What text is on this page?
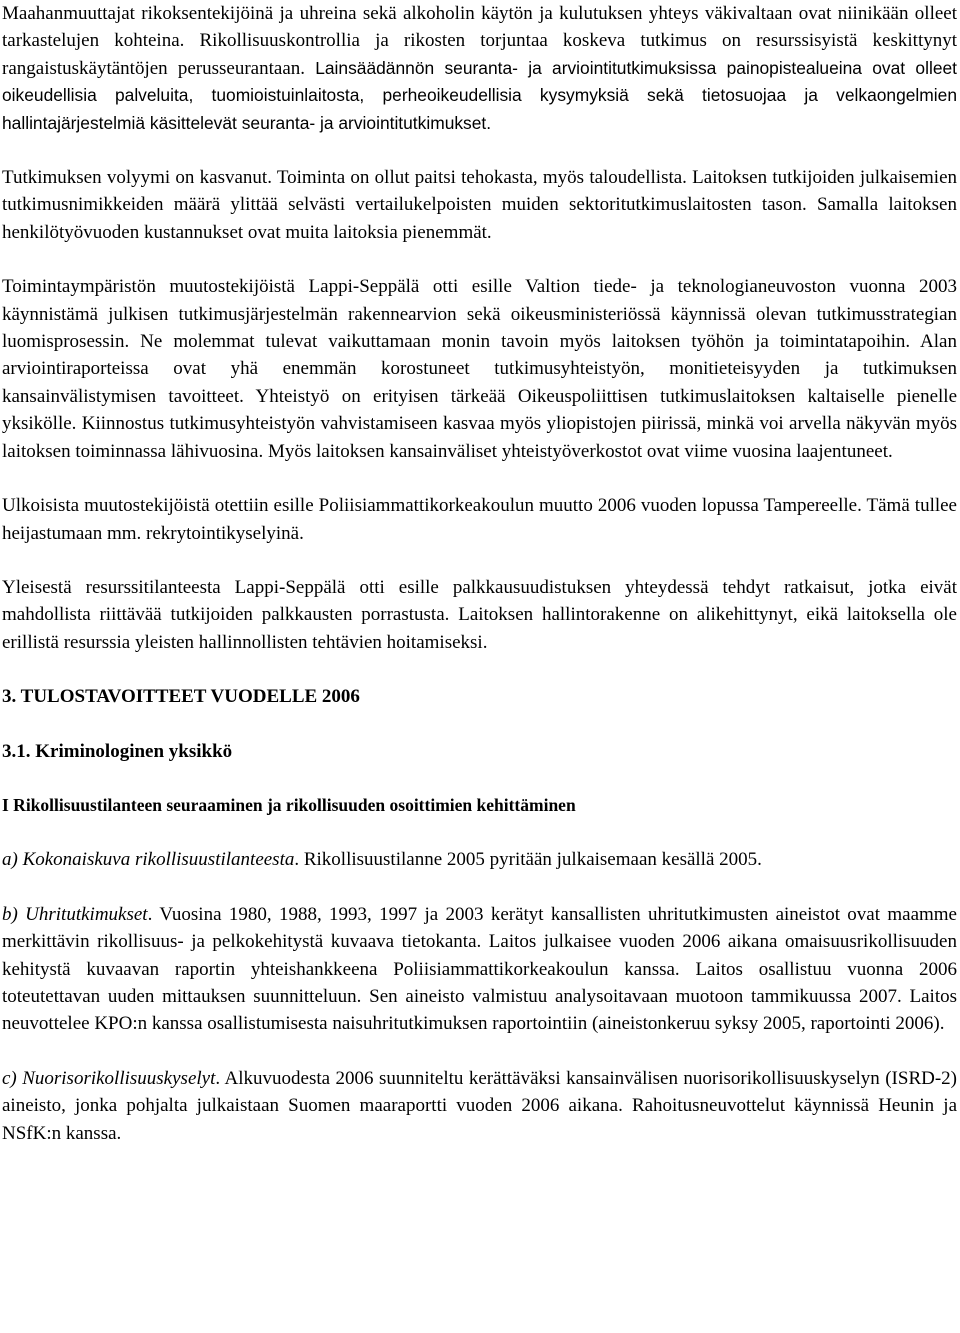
Maahanmuuttajat rikoksentekijöinä ja uhreina sekä alkoholin käytön ja kulutuksen yhteys väkivaltaan ovat niinikään olleet tarkastelujen kohteina. Rikollisuuskontrollia ja rikosten torjuntaa koskeva tutkimus on resurssisyistä keskittynyt rangaistuskäytäntöjen perusseurantaan. Lainsäädännön seuranta- ja arviointitutkimuksissa painopistealueina ovat olleet oikeudellisia palveluita, tuomioistuinlaitosta, perheoikeudellisia kysymyksiä sekä tietosuojaa ja velkaongelmien hallintajärjestelmiä käsittelevät seuranta- ja arviointitutkimukset.

Tutkimuksen volyymi on kasvanut. Toiminta on ollut paitsi tehokasta, myös taloudellista. Laitoksen tutkijoiden julkaisemien tutkimusnimikkeiden määrä ylittää selvästi vertailukelpoisten muiden sektoritutkimuslaitosten tason. Samalla laitoksen henkilötyövuoden kustannukset ovat muita laitoksia pienemmät.

Toimintaympäristön muutostekijöistä Lappi-Seppälä otti esille Valtion tiede- ja teknologianeuvoston vuonna 2003 käynnistämä julkisen tutkimusjärjestelmän rakennearvion sekä oikeusministeriössä käynnissä olevan tutkimusstrategian luomisprosessin. Ne molemmat tulevat vaikuttamaan monin tavoin myös laitoksen työhön ja toimintatapoihin. Alan arviointiraporteissa ovat yhä enemmän korostuneet tutkimusyhteistyön, monitieteisyyden ja tutkimuksen kansainvälistymisen tavoitteet. Yhteistyö on erityisen tärkeää Oikeuspoliittisen tutkimuslaitoksen kaltaiselle pienelle yksikölle. Kiinnostus tutkimusyhteistyön vahvistamiseen kasvaa myös yliopistojen piirissä, minkä voi arvella näkyvän myös laitoksen toiminnassa lähivuosina. Myös laitoksen kansainväliset yhteistyöverkostot ovat viime vuosina laajentuneet.

Ulkoisista muutostekijöistä otettiin esille Poliisiammattikorkeakoulun muutto 2006 vuoden lopussa Tampereelle. Tämä tullee heijastumaan mm. rekrytointikyselyinä.

Yleisestä resurssitilanteesta Lappi-Seppälä otti esille palkkausuudistuksen yhteydessä tehdyt ratkaisut, jotka eivät mahdollista riittävää tutkijoiden palkkausten porrastusta. Laitoksen hallintorakenne on alikehittynyt, eikä laitoksella ole erillistä resurssia yleisten hallinnollisten tehtävien hoitamiseksi.

3. TULOSTAVOITTEET VUODELLE 2006

3.1. Kriminologinen yksikkö

I Rikollisuustilanteen seuraaminen ja rikollisuuden osoittimien kehittäminen

a) Kokonaiskuva rikollisuustilanteesta. Rikollisuustilanne 2005 pyritään julkaisemaan kesällä 2005.

b) Uhritutkimukset. Vuosina 1980, 1988, 1993, 1997 ja 2003 kerätyt kansallisten uhritutkimusten aineistot ovat maamme merkittävin rikollisuus- ja pelkokehitystä kuvaava tietokanta. Laitos julkaisee vuoden 2006 aikana omaisuusrikollisuuden kehitystä kuvaavan raportin yhteishankkeena Poliisiammattikorkeakoulun kanssa. Laitos osallistuu vuonna 2006 toteutettavan uuden mittauksen suunnitteluun. Sen aineisto valmistuu analysoitavaan muotoon tammikuussa 2007. Laitos neuvottelee KPO:n kanssa osallistumisesta naisuhritutkimuksen raportointiin (aineistonkeruu syksy 2005, raportointi 2006).

c) Nuorisorikollisuuskyselyt. Alkuvuodesta 2006 suunniteltu kerättäväksi kansainvälisen nuorisorikollisuuskyselyn (ISRD-2) aineisto, jonka pohjalta julkaistaan Suomen maaraportti vuoden 2006 aikana. Rahoitusneuvottelut käynnissä Heunin ja NSfK:n kanssa.
